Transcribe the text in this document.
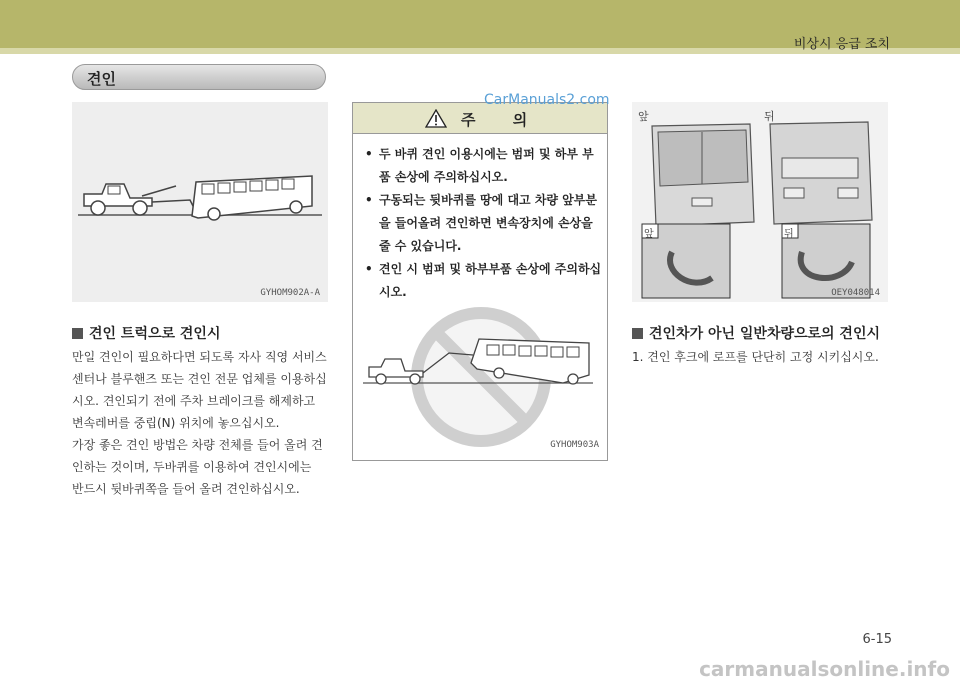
비상시 응급 조치
견인
GYHOM902A-A
견인 트럭으로 견인시
만일 견인이 필요하다면 되도록 자사 직영 서비스
센터나 블루핸즈 또는 견인 전문 업체를 이용하십
시오. 견인되기 전에 주차 브레이크를 해제하고
변속레버를 중립(N) 위치에 놓으십시오.
가장 좋은 견인 방법은 차량 전체를 들어 올려 견
인하는 것이며, 두바퀴를 이용하여 견인시에는
반드시 뒷바퀴쪽을 들어 올려 견인하십시오.
주 의
• 두 바퀴 견인 이용시에는 범퍼 및 하부 부품 손상에 주의하십시오.
• 구동되는 뒷바퀴를 땅에 대고 차량 앞부분을 들어올려 견인하면 변속장치에 손상을 줄 수 있습니다.
• 견인 시 범퍼 및 하부부품 손상에 주의하십시오.
GYHOM903A
CarManuals2.com
앞	뒤
앞	뒤
OEY048014
견인차가 아닌 일반차량으로의 견인시
1. 견인 후크에 로프를 단단히 고정 시키십시오.
6-15
carmanualsonline.info
